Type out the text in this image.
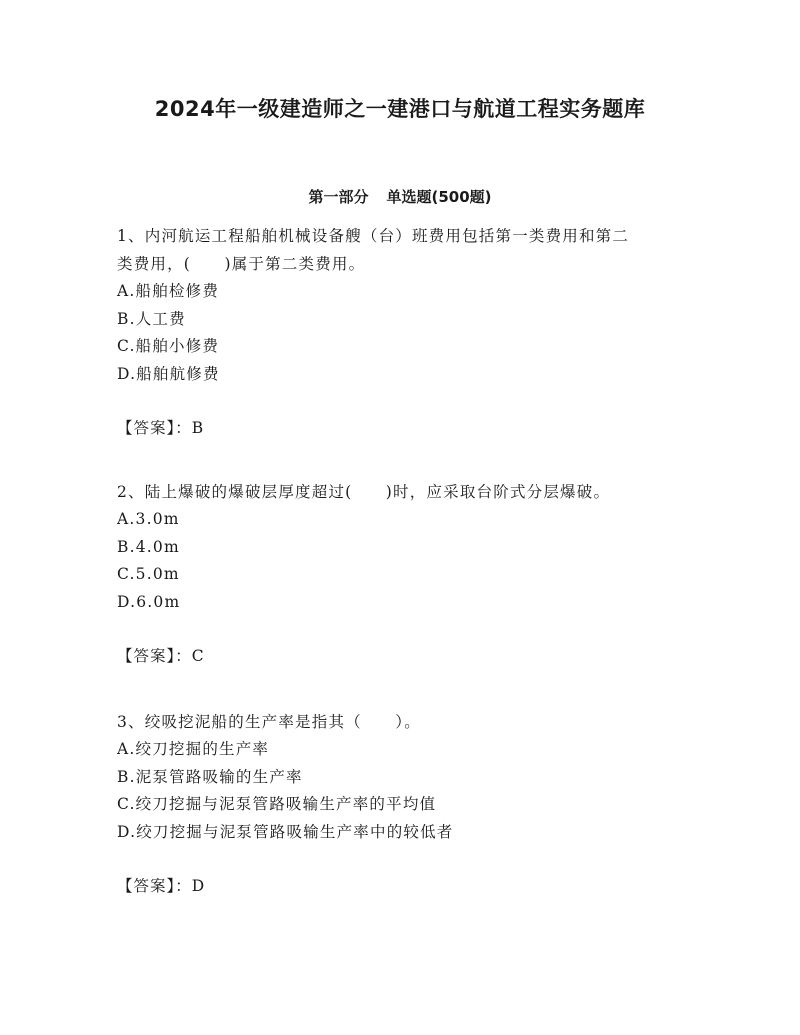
2024年一级建造师之一建港口与航道工程实务题库
第一部分 单选题(500题)

1、内河航运工程船舶机械设备艘（台）班费用包括第一类费用和第二

类费用，(　　)属于第二类费用。

A.船舶检修费

B.人工费

C.船舶小修费

D.船舶航修费

【答案】：B

2、陆上爆破的爆破层厚度超过(　　)时，应采取台阶式分层爆破。

A.3.0m

B.4.0m

C.5.0m

D.6.0m

【答案】：C

3、绞吸挖泥船的生产率是指其（　　）。

A.绞刀挖掘的生产率

B.泥泵管路吸输的生产率

C.绞刀挖掘与泥泵管路吸输生产率的平均值

D.绞刀挖掘与泥泵管路吸输生产率中的较低者

【答案】：D
